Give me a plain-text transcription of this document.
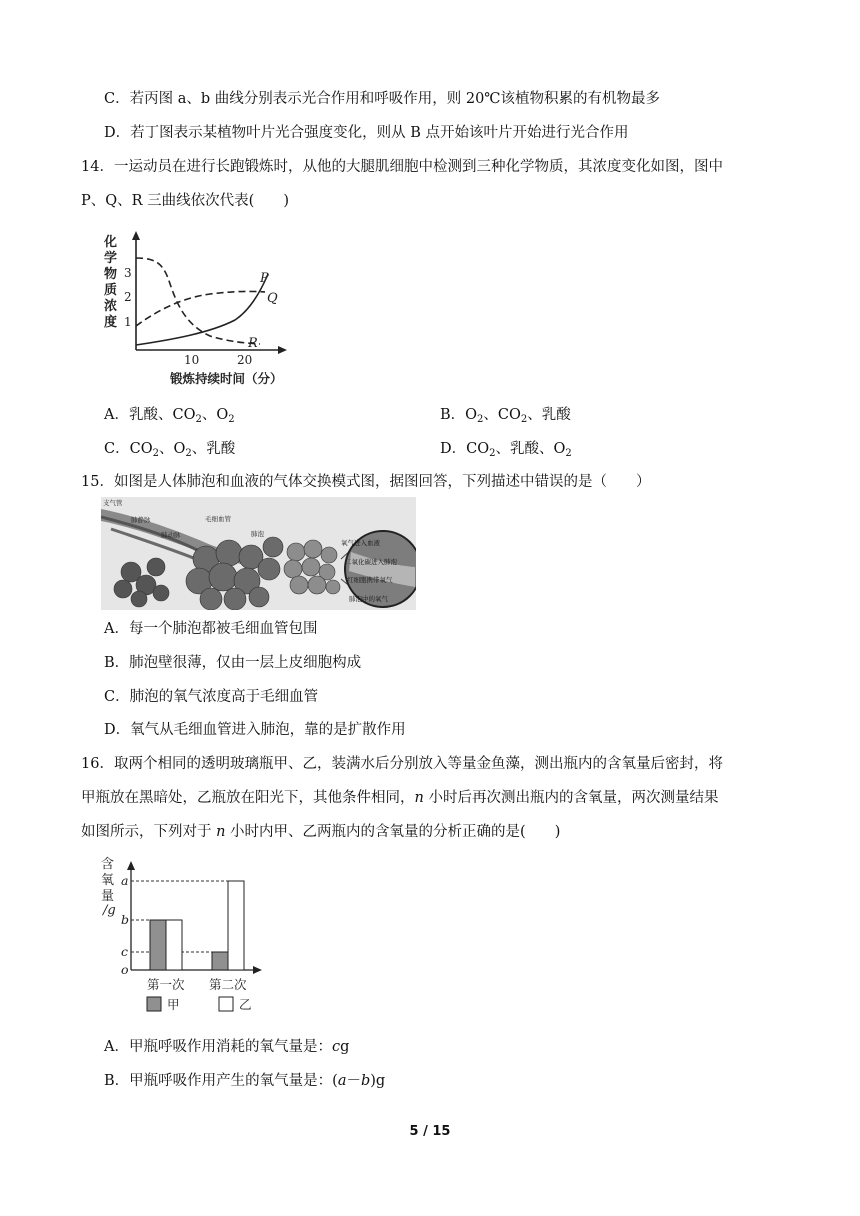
C．若丙图 a、b 曲线分别表示光合作用和呼吸作用，则 20℃该植物积累的有机物最多
D．若丁图表示某植物叶片光合强度变化，则从 B 点开始该叶片开始进行光合作用
14．一运动员在进行长跑锻炼时，从他的大腿肌细胞中检测到三种化学物质，其浓度变化如图，图中
P、Q、R 三曲线依次代表(　　)
化
学
物
质
浓
度
3
2
1
10	20
P
Q
R
锻炼持续时间（分）
A．乳酸、$CO_2$、$O_2$	B．$O_2$、$CO_2$、乳酸
C．$CO_2$、$O_2$、乳酸	D．$CO_2$、乳酸、$O_2$
15．如图是人体肺泡和血液的气体交换模式图，据图回答，下列描述中错误的是（　　）
支气管
肺静脉
肺动脉
毛细血管
肺泡
氧气进入血液
二氧化碳进入肺泡
红细胞携带氧气
肺泡中的氧气
A．每一个肺泡都被毛细血管包围
B．肺泡壁很薄，仅由一层上皮细胞构成
C．肺泡的氧气浓度高于毛细血管
D．氧气从毛细血管进入肺泡，靠的是扩散作用
16．取两个相同的透明玻璃瓶甲、乙，装满水后分别放入等量金鱼藻，测出瓶内的含氧量后密封，将
甲瓶放在黑暗处，乙瓶放在阳光下，其他条件相同，n 小时后再次测出瓶内的含氧量，两次测量结果
如图所示，下列对于 n 小时内甲、乙两瓶内的含氧量的分析正确的是(　　)
含
氧
量
/g
a
b
c
o
第一次 第二次
甲	乙
A．甲瓶呼吸作用消耗的氧气量是：cg
B．甲瓶呼吸作用产生的氧气量是：(a－b)g
5 / 15
